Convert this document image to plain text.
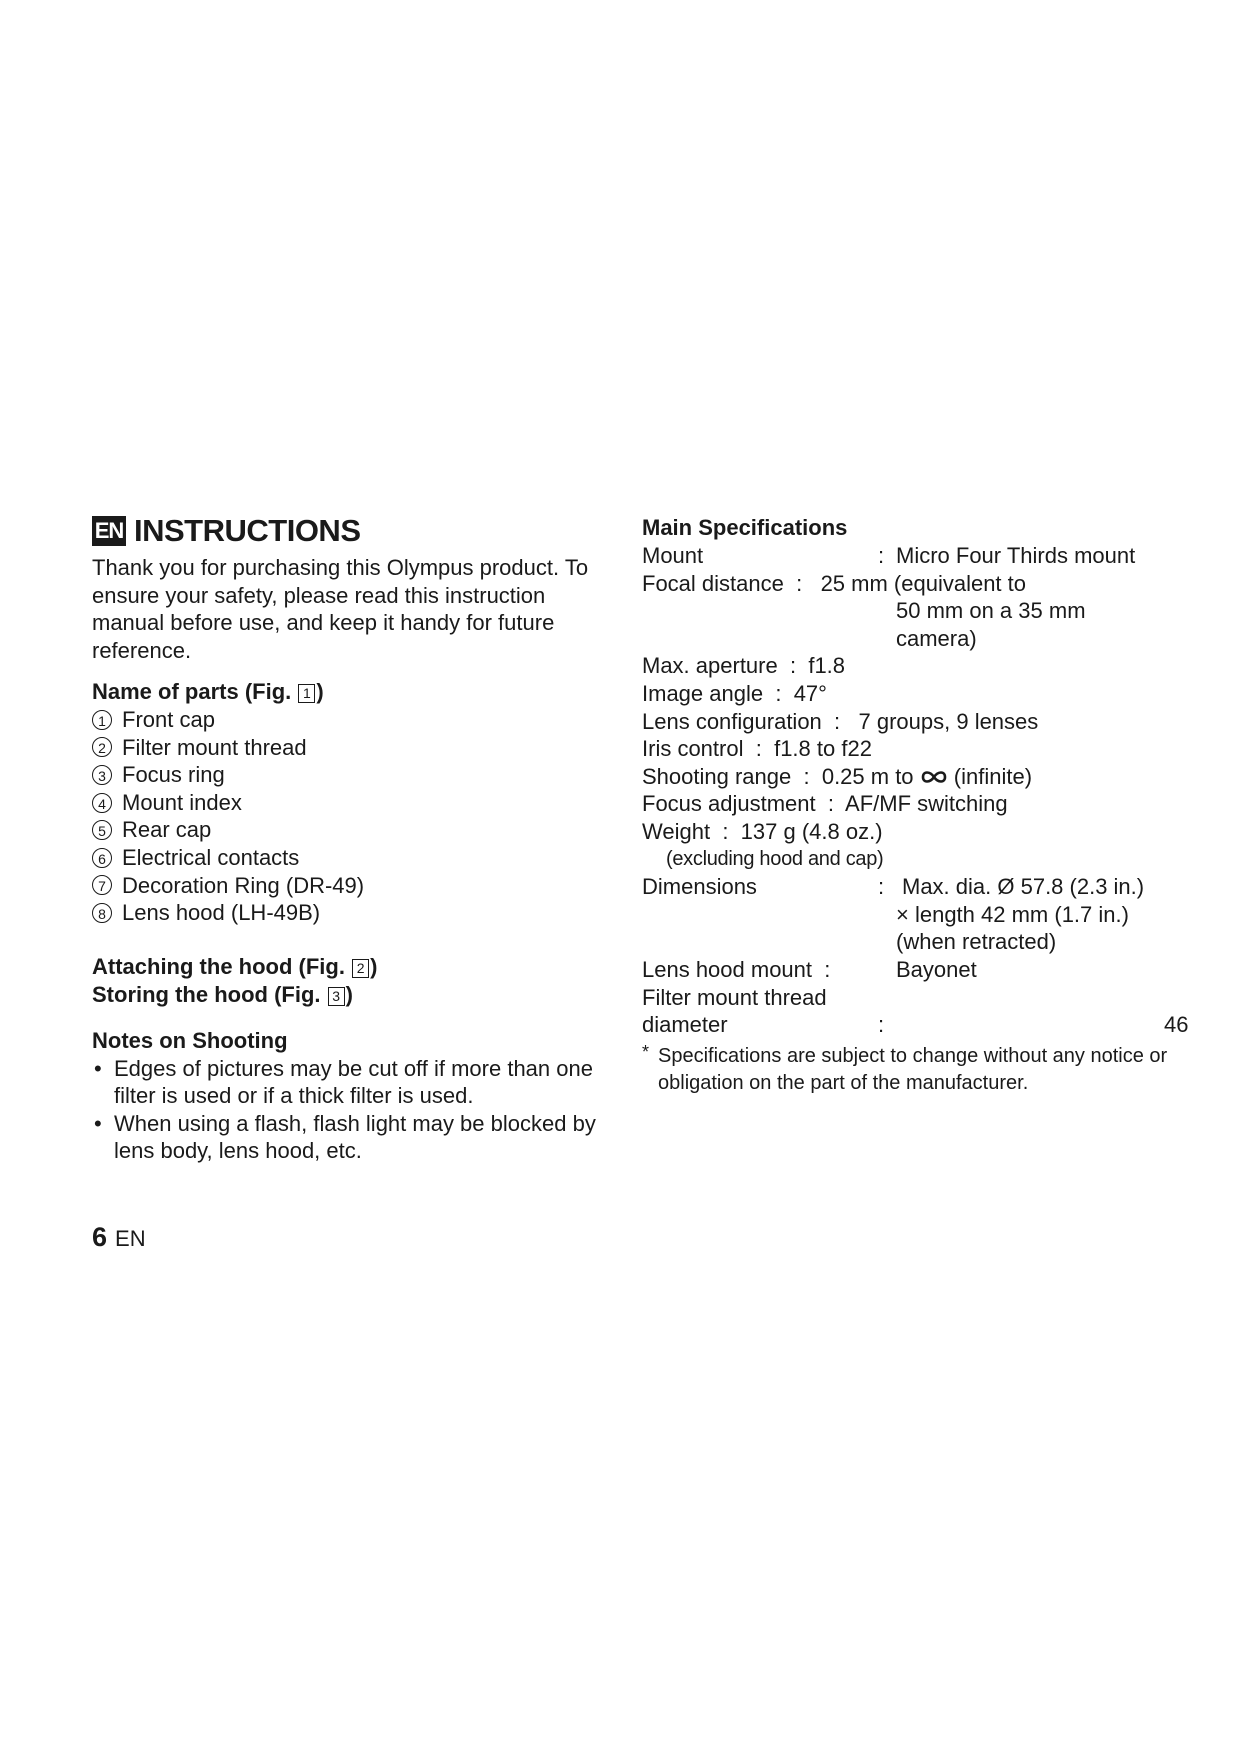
EN INSTRUCTIONS
Thank you for purchasing this Olympus product. To ensure your safety, please read this instruction manual before use, and keep it handy for future reference.
Name of parts (Fig. 1 )
1 Front cap
2 Filter mount thread
3 Focus ring
4 Mount index
5 Rear cap
6 Electrical contacts
7 Decoration Ring (DR-49)
8 Lens hood (LH-49B)
Attaching the hood (Fig. 2 )
Storing the hood (Fig. 3 )
Notes on Shooting
• Edges of pictures may be cut off if more than one filter is used or if a thick filter is used.
• When using a flash, flash light may be blocked by lens body, lens hood, etc.
6 EN
Main Specifications
Mount	: Micro Four Thirds mount
Focal distance : 25 mm (equivalent to
50 mm on a 35 mm
camera)
Max. aperture : f1.8
Image angle : 47°
Lens configuration : 7 groups, 9 lenses
Iris control : f1.8 to f22
Shooting range : 0.25 m to (infinite)
Focus adjustment : AF/MF switching
Weight : 137 g (4.8 oz.)
(excluding hood and cap)
Dimensions	: Max. dia. Ø 57.8 (2.3 in.)
× length 42 mm (1.7 in.)
(when retracted)
Lens hood mount :	Bayonet
Filter mount thread
diameter	:	46
* Specifications are subject to change without any notice or obligation on the part of the manufacturer.
